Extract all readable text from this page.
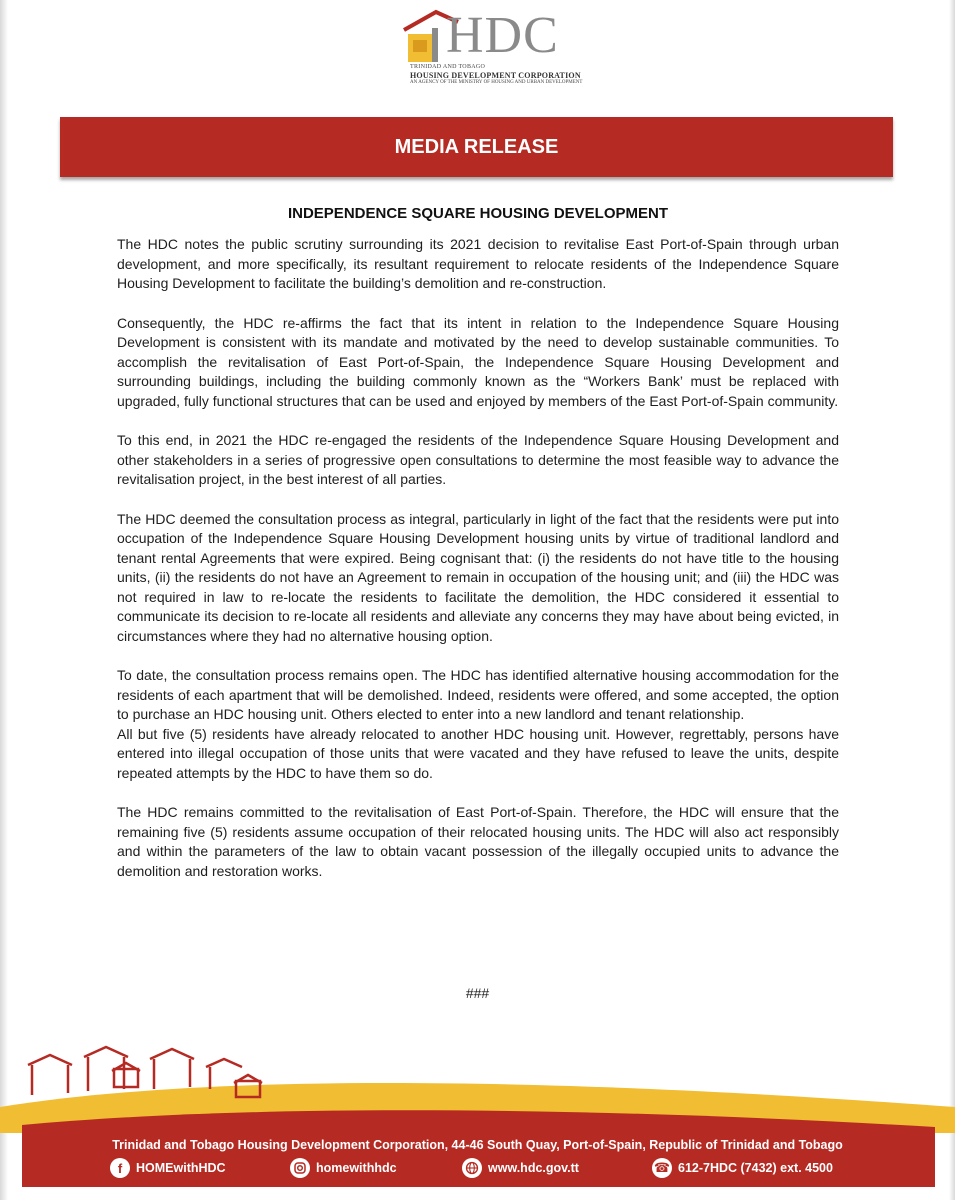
HDC
TRINIDAD AND TOBAGO
HOUSING DEVELOPMENT CORPORATION
AN AGENCY OF THE MINISTRY OF HOUSING AND URBAN DEVELOPMENT
MEDIA RELEASE
INDEPENDENCE SQUARE HOUSING DEVELOPMENT

The HDC notes the public scrutiny surrounding its 2021 decision to revitalise East Port-of-Spain through urban development, and more specifically, its resultant requirement to relocate residents of the Independence Square Housing Development to facilitate the building’s demolition and re-construction.

Consequently, the HDC re-affirms the fact that its intent in relation to the Independence Square Housing Development is consistent with its mandate and motivated by the need to develop sustainable communities. To accomplish the revitalisation of East Port-of-Spain, the Independence Square Housing Development and surrounding buildings, including the building commonly known as the “Workers Bank’ must be replaced with upgraded, fully functional structures that can be used and enjoyed by members of the East Port-of-Spain community.

To this end, in 2021 the HDC re-engaged the residents of the Independence Square Housing Development and other stakeholders in a series of progressive open consultations to determine the most feasible way to advance the revitalisation project, in the best interest of all parties.

The HDC deemed the consultation process as integral, particularly in light of the fact that the residents were put into occupation of the Independence Square Housing Development housing units by virtue of traditional landlord and tenant rental Agreements that were expired. Being cognisant that: (i) the residents do not have title to the housing units, (ii) the residents do not have an Agreement to remain in occupation of the housing unit; and (iii) the HDC was not required in law to re-locate the residents to facilitate the demolition, the HDC considered it essential to communicate its decision to re-locate all residents and alleviate any concerns they may have about being evicted, in circumstances where they had no alternative housing option.

To date, the consultation process remains open. The HDC has identified alternative housing accommodation for the residents of each apartment that will be demolished. Indeed, residents were offered, and some accepted, the option to purchase an HDC housing unit. Others elected to enter into a new landlord and tenant relationship.

All but five (5) residents have already relocated to another HDC housing unit. However, regrettably, persons have entered into illegal occupation of those units that were vacated and they have refused to leave the units, despite repeated attempts by the HDC to have them so do.

The HDC remains committed to the revitalisation of East Port-of-Spain. Therefore, the HDC will ensure that the remaining five (5) residents assume occupation of their relocated housing units. The HDC will also act responsibly and within the parameters of the law to obtain vacant possession of the illegally occupied units to advance the demolition and restoration works.

###
Trinidad and Tobago Housing Development Corporation, 44-46 South Quay, Port-of-Spain, Republic of Trinidad and Tobago
f	HOMEwithHDC	homewithhdc	www.hdc.gov.tt	☎ 612-7HDC (7432) ext. 4500
